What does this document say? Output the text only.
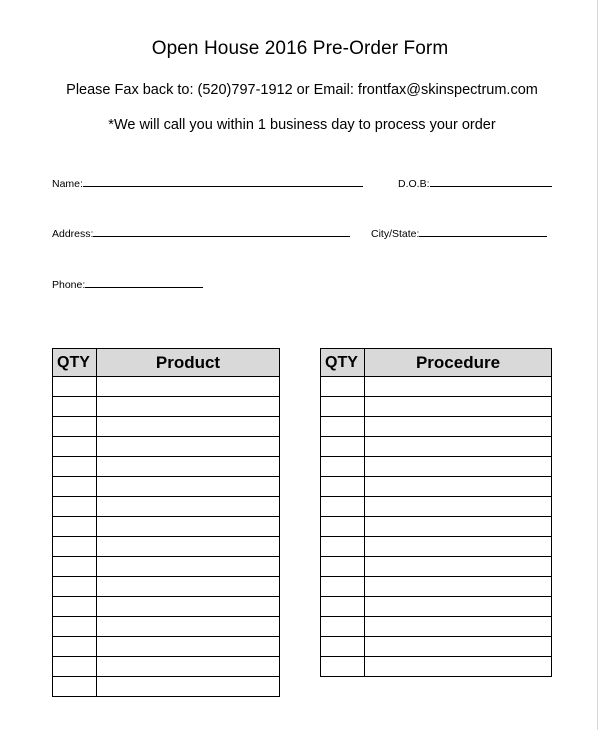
Open House 2016 Pre-Order Form
Please Fax back to: (520)797-1912 or Email: frontfax@skinspectrum.com
*We will call you within 1 business day to process your order
Name:	D.O.B:
Address:	City/State:
Phone:
QTY	Product

		QTY	Procedure
